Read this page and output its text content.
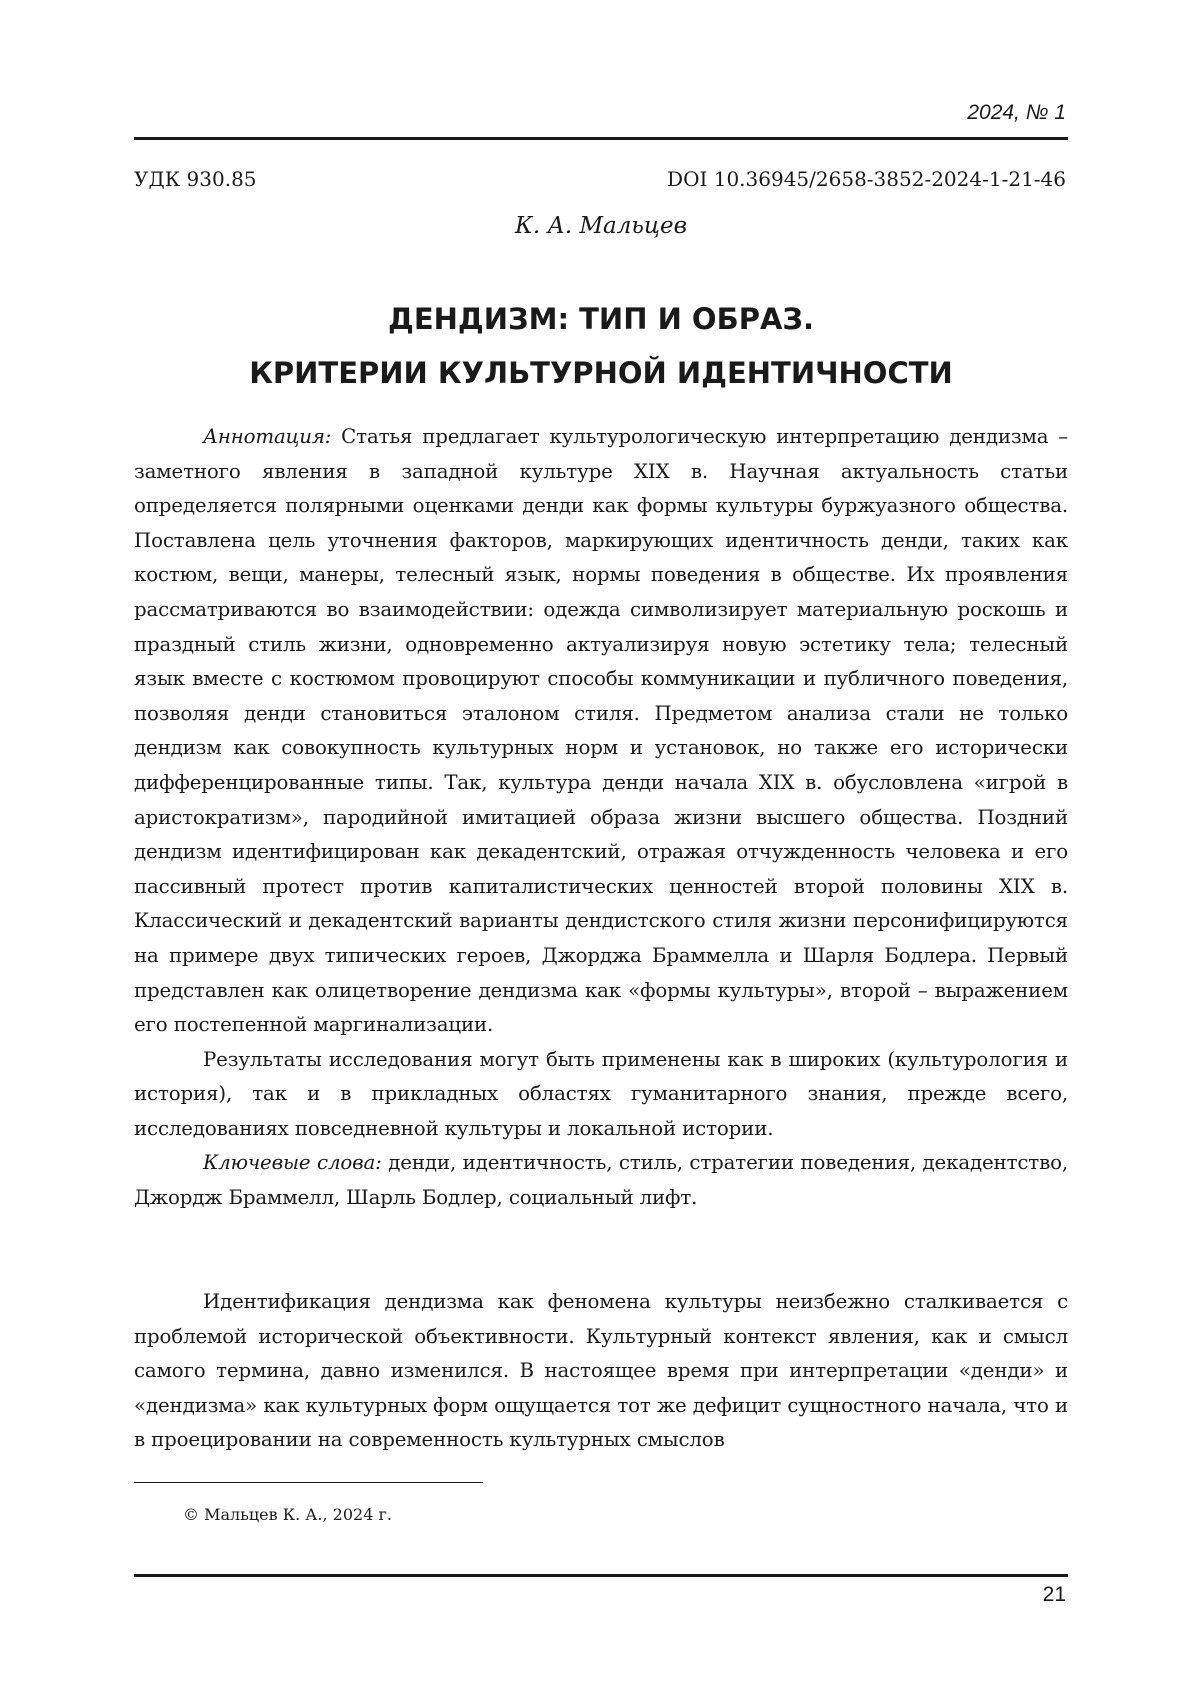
2024, № 1
УДК 930.85	DOI 10.36945/2658-3852-2024-1-21-46
К. А. Мальцев
ДЕНДИЗМ: ТИП И ОБРАЗ.
КРИТЕРИИ КУЛЬТУРНОЙ ИДЕНТИЧНОСТИ

Аннотация: Статья предлагает культурологическую интерпретацию дендизма – заметного явления в западной культуре XIX в. Научная актуальность статьи определяется полярными оценками денди как формы культуры буржуазного общества. Поставлена цель уточнения факторов, маркирующих идентичность денди, таких как костюм, вещи, манеры, телесный язык, нормы поведения в обществе. Их проявления рассматриваются во взаимодействии: одежда символизирует материальную роскошь и праздный стиль жизни, одновременно актуализируя новую эстетику тела; телесный язык вместе с костюмом провоцируют способы коммуникации и публичного поведения, позволяя денди становиться эталоном стиля. Предметом анализа стали не только дендизм как совокупность культурных норм и установок, но также его исторически дифференцированные типы. Так, культура денди начала XIX в. обусловлена «игрой в аристократизм», пародийной имитацией образа жизни высшего общества. Поздний дендизм идентифицирован как декадентский, отражая отчужденность человека и его пассивный протест против капиталистических ценностей второй половины XIX в. Классический и декадентский варианты дендистского стиля жизни персонифицируются на примере двух типических героев, Джорджа Браммелла и Шарля Бодлера. Первый представлен как олицетворение дендизма как «формы культуры», второй – выражением его постепенной маргинализации.

Результаты исследования могут быть применены как в широких (культурология и история), так и в прикладных областях гуманитарного знания, прежде всего, исследованиях повседневной культуры и локальной истории.

Ключевые слова: денди, идентичность, стиль, стратегии поведения, декадентство, Джордж Браммелл, Шарль Бодлер, социальный лифт.

Идентификация дендизма как феномена культуры неизбежно сталкивается с проблемой исторической объективности. Культурный контекст явления, как и смысл самого термина, давно изменился. В настоящее время при интерпретации «денди» и «дендизма» как культурных форм ощущается тот же дефицит сущностного начала, что и в проецировании на современность культурных смыслов

© Мальцев К. А., 2024 г.
21
